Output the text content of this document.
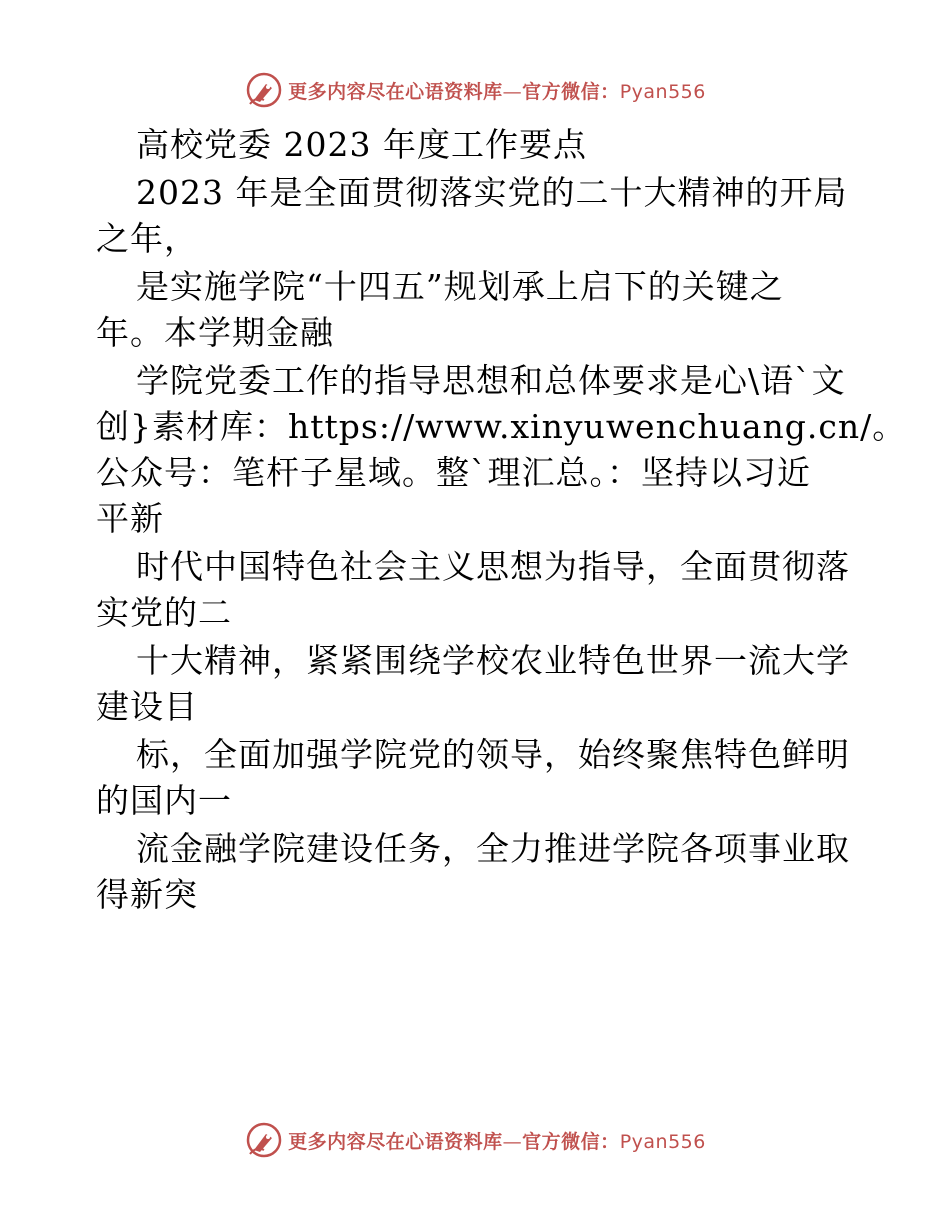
更多内容尽在心语资料库—官方微信：Pyan556
高校党委 2023 年度工作要点
2023 年是全面贯彻落实党的二十大精神的开局
之年，
是实施学院“十四五”规划承上启下的关键之
年。本学期金融
学院党委工作的指导思想和总体要求是心\语`文
创}素材库：https://www.xinyuwenchuang.cn/。
公众号：笔杆子星域。整`理汇总。：坚持以习近
平新
时代中国特色社会主义思想为指导，全面贯彻落
实党的二
十大精神，紧紧围绕学校农业特色世界一流大学
建设目
标，全面加强学院党的领导，始终聚焦特色鲜明
的国内一
流金融学院建设任务，全力推进学院各项事业取
得新突
更多内容尽在心语资料库—官方微信：Pyan556
